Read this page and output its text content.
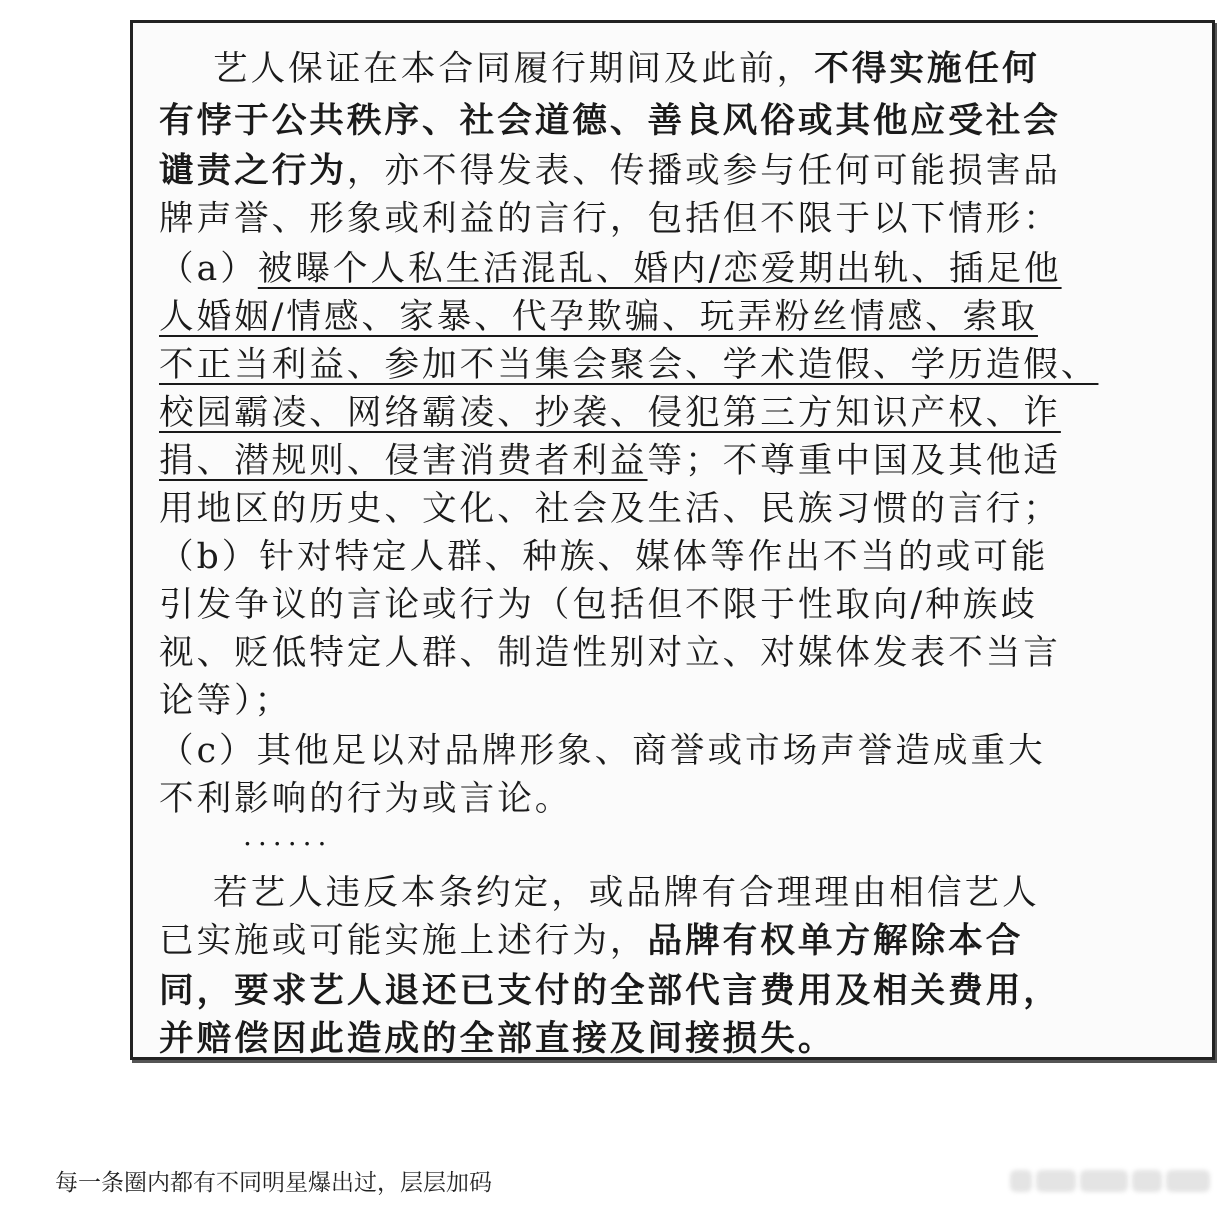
艺人保证在本合同履行期间及此前，不得实施任何
有悖于公共秩序、社会道德、善良风俗或其他应受社会
谴责之行为，亦不得发表、传播或参与任何可能损害品
牌声誉、形象或利益的言行，包括但不限于以下情形：
（a）被曝个人私生活混乱、婚内/恋爱期出轨、插足他
人婚姻/情感、家暴、代孕欺骗、玩弄粉丝情感、索取
不正当利益、参加不当集会聚会、学术造假、学历造假、
校园霸凌、网络霸凌、抄袭、侵犯第三方知识产权、诈
捐、潜规则、侵害消费者利益等；不尊重中国及其他适
用地区的历史、文化、社会及生活、民族习惯的言行；
（b）针对特定人群、种族、媒体等作出不当的或可能
引发争议的言论或行为（包括但不限于性取向/种族歧
视、贬低特定人群、制造性别对立、对媒体发表不当言
论等）；
（c）其他足以对品牌形象、商誉或市场声誉造成重大
不利影响的行为或言论。
......
若艺人违反本条约定，或品牌有合理理由相信艺人
已实施或可能实施上述行为，品牌有权单方解除本合
同，要求艺人退还已支付的全部代言费用及相关费用，
并赔偿因此造成的全部直接及间接损失。
每一条圈内都有不同明星爆出过，层层加码
